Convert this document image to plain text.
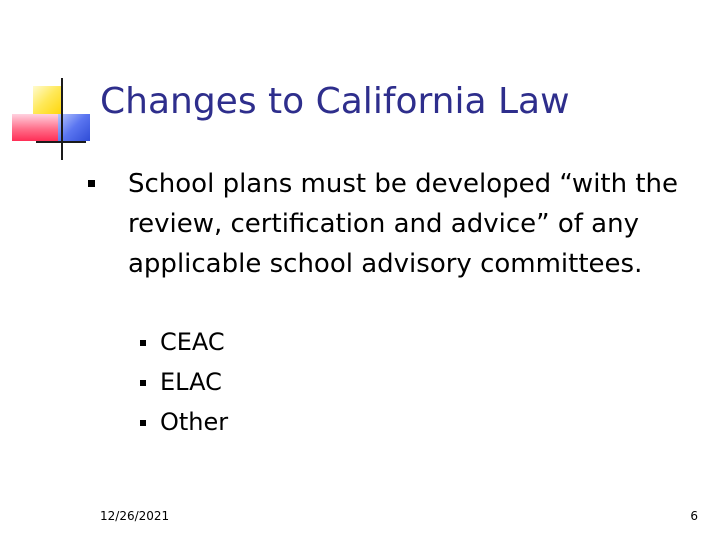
Changes to California Law
School plans must be developed “with the review, certification and advice” of any applicable school advisory committees.
CEAC
ELAC
Other
12/26/2021	6
